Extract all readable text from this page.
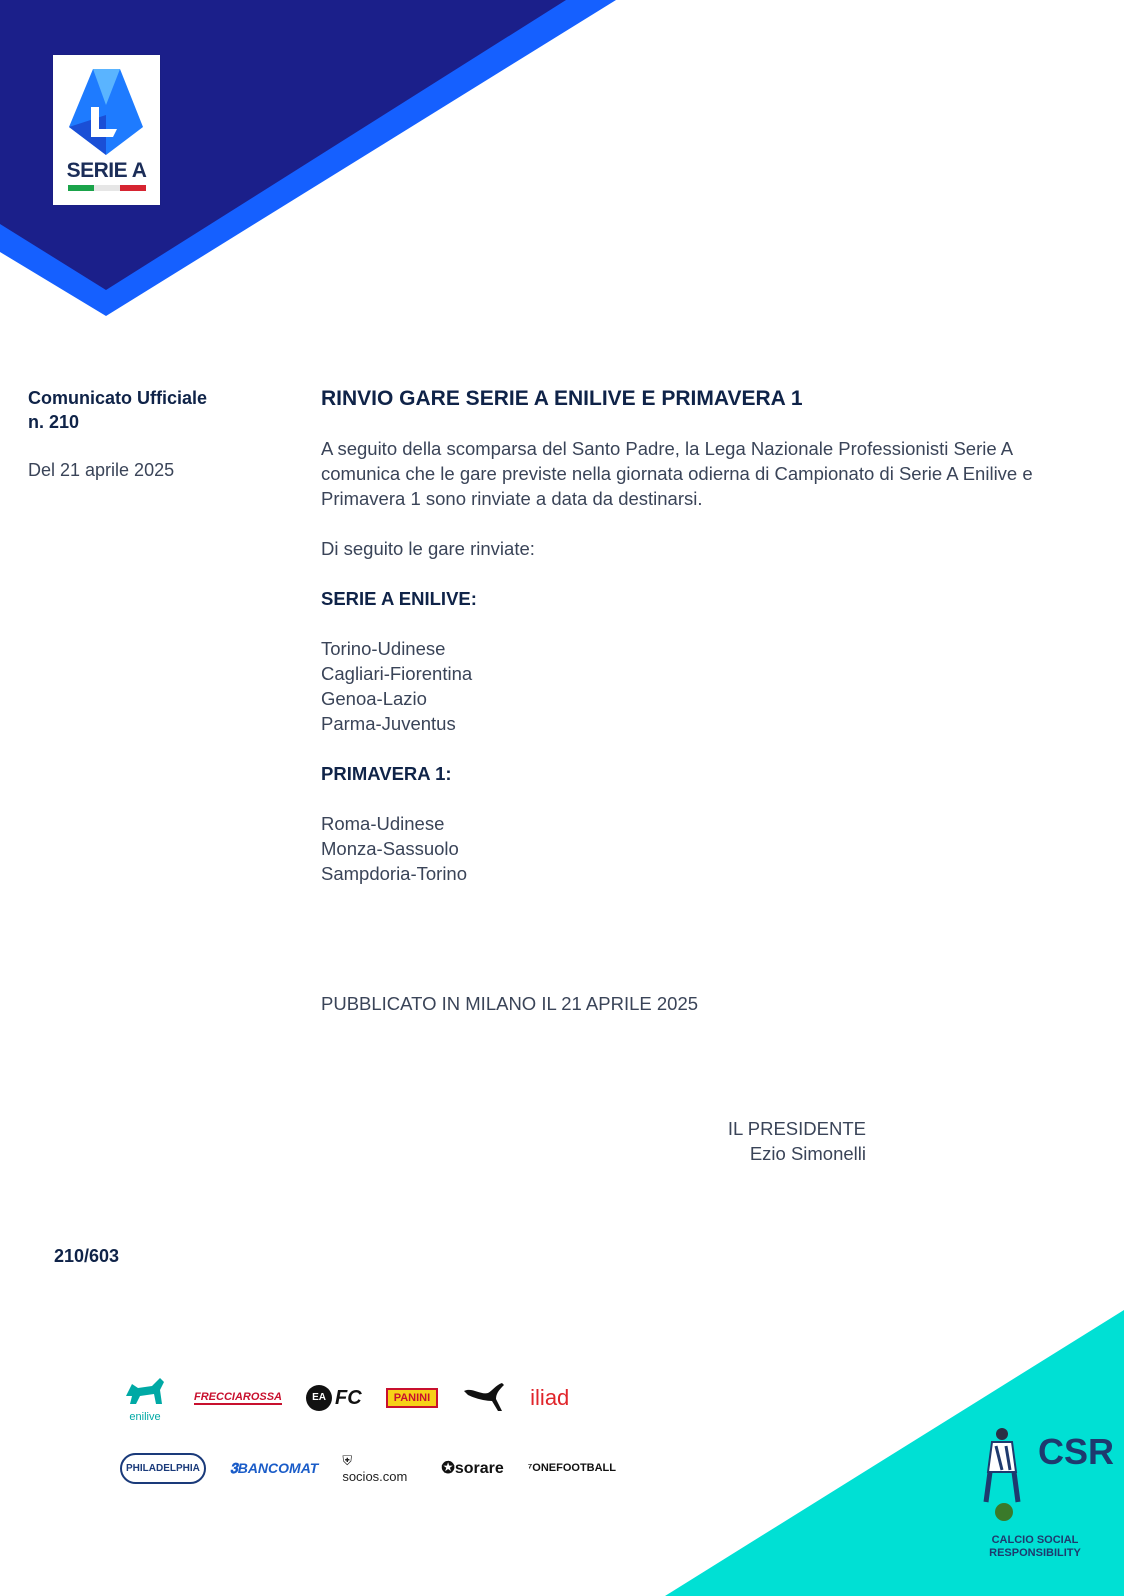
SERIE A
Comunicato Ufficiale
n. 210
Del 21 aprile 2025
RINVIO GARE SERIE A ENILIVE E PRIMAVERA 1

A seguito della scomparsa del Santo Padre, la Lega Nazionale Professionisti Serie A comunica che le gare previste nella giornata odierna di Campionato di Serie A Enilive e Primavera 1 sono rinviate a data da destinarsi.

Di seguito le gare rinviate:

SERIE A ENILIVE:
Torino-Udinese
Cagliari-Fiorentina
Genoa-Lazio
Parma-Juventus
PRIMAVERA 1:
Roma-Udinese
Monza-Sassuolo
Sampdoria-Torino
PUBBLICATO IN MILANO IL 21 APRILE 2025
IL PRESIDENTE
Ezio Simonelli
210/603
enilive
FRECCIAROSSA	EA FC	PANINI	iliad
PHILADELPHIA	𝟑BANCOMAT ⛨ socios.com	✪sorare ⁷ONEFOOTBALL	CSR
CALCIO SOCIAL
RESPONSIBILITY
